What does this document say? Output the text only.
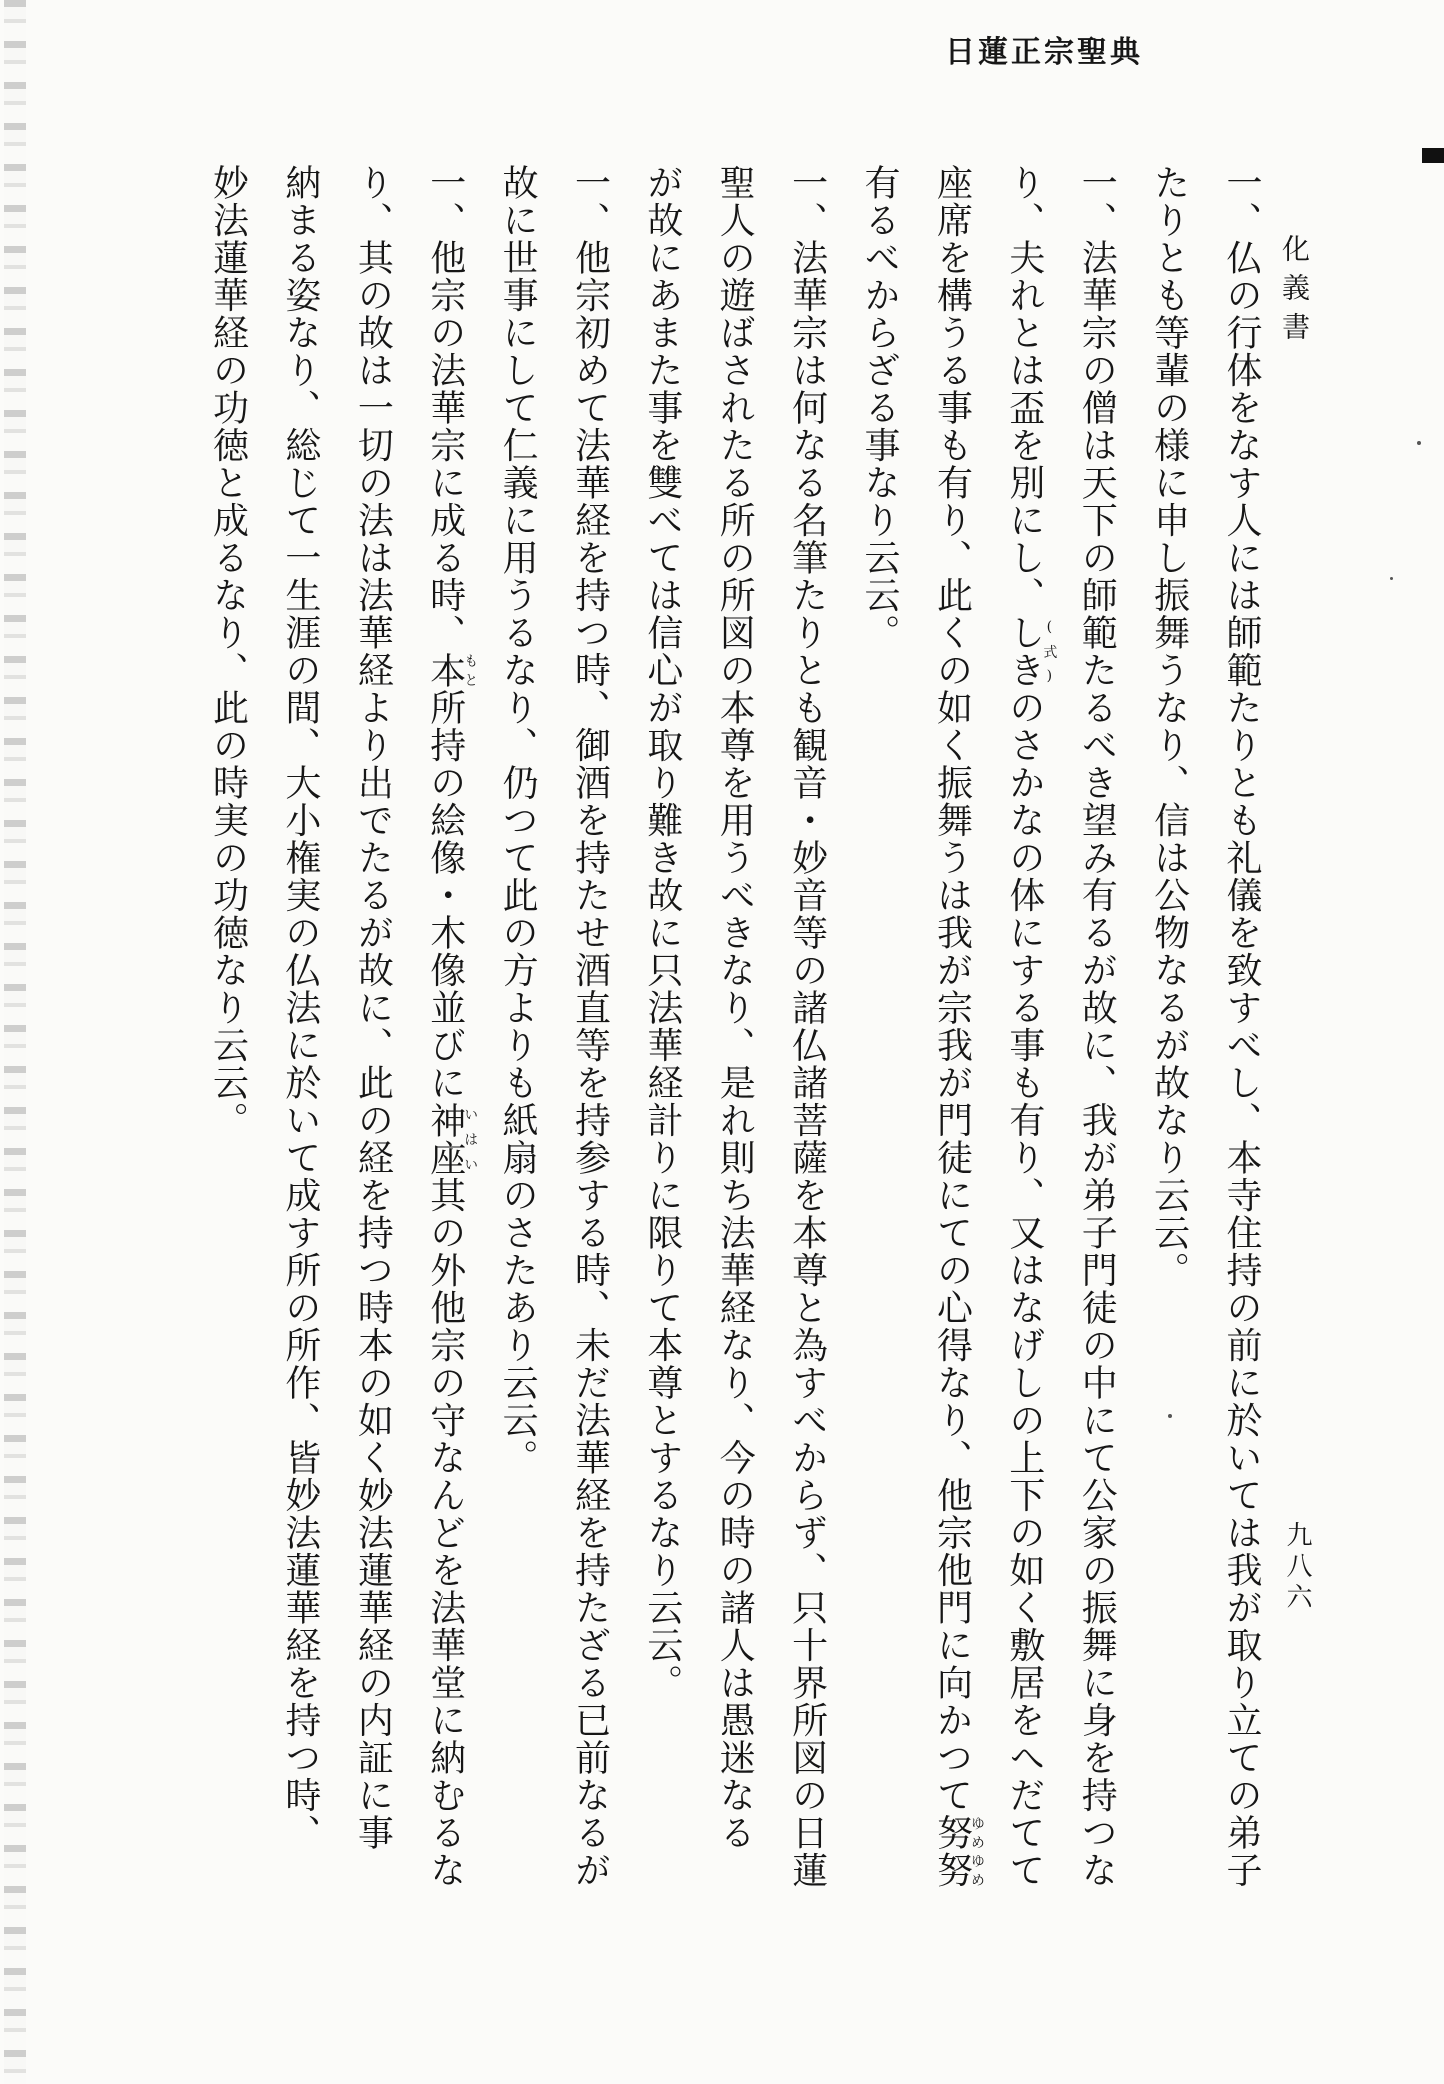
日蓮正宗聖典
化義書
九八六
一、仏の行体をなす人には師範たりとも礼儀を致すべし、本寺住持の前に於いては我が取り立ての弟子
たりとも等輩の様に申し振舞うなり、信は公物なるが故なり云云。
一、法華宗の僧は天下の師範たるべき望み有るが故に、我が弟子門徒の中にて公家の振舞に身を持つな
り、夫れとは盃を別にし、しき(式)のさかなの体にする事も有り、又はなげしの上下の如く敷居をへだてて
座席を構うる事も有り、此くの如く振舞うは我が宗我が門徒にての心得なり、他宗他門に向かつて努努ゆめゆめ
有るべからざる事なり云云。
一、法華宗は何なる名筆たりとも観音・妙音等の諸仏諸菩薩を本尊と為すべからず、只十界所図の日蓮
聖人の遊ばされたる所の所図の本尊を用うべきなり、是れ則ち法華経なり、今の時の諸人は愚迷なる
が故にあまた事を雙べては信心が取り難き故に只法華経計りに限りて本尊とするなり云云。
一、他宗初めて法華経を持つ時、御酒を持たせ酒直等を持参する時、未だ法華経を持たざる已前なるが
故に世事にして仁義に用うるなり、仍つて此の方よりも紙扇のさたあり云云。
一、他宗の法華宗に成る時、本もと所持の絵像・木像並びに神座いはい其の外他宗の守なんどを法華堂に納むるな
り、其の故は一切の法は法華経より出でたるが故に、此の経を持つ時本の如く妙法蓮華経の内証に事
納まる姿なり、総じて一生涯の間、大小権実の仏法に於いて成す所の所作、皆妙法蓮華経を持つ時、
妙法蓮華経の功徳と成るなり、此の時実の功徳なり云云。
